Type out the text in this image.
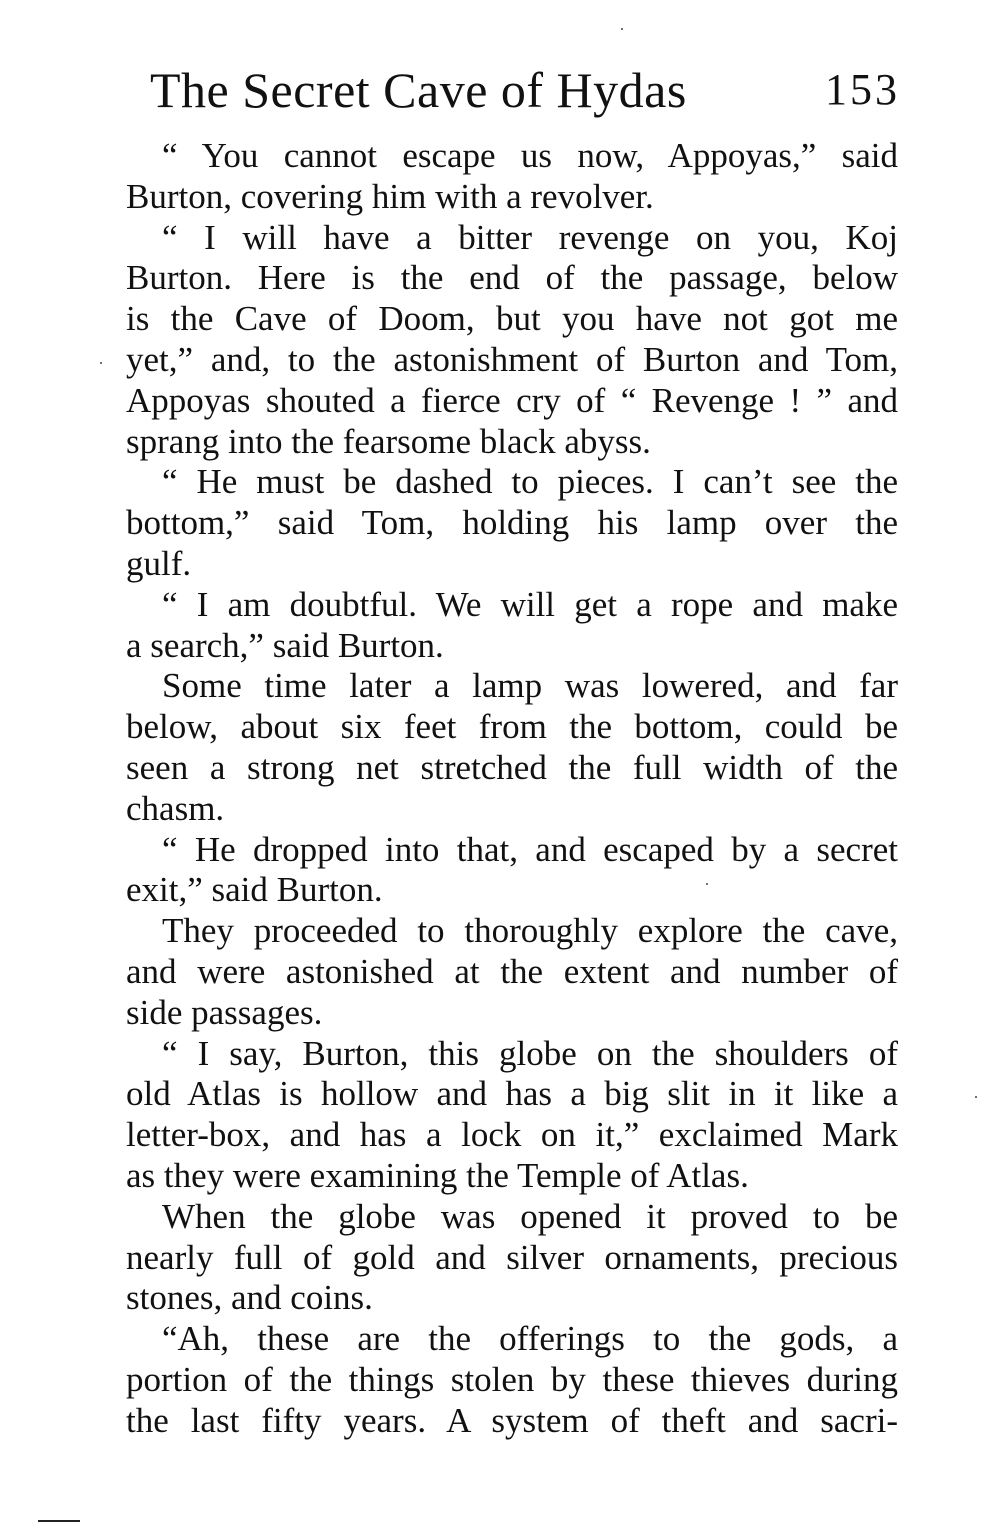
The Secret Cave of Hydas	153
“ You cannot escape us now, Appoyas,” said
Burton, covering him with a revolver.
“ I will have a bitter revenge on you, Koj
Burton. Here is the end of the passage, below
is the Cave of Doom, but you have not got me
yet,” and, to the astonishment of Burton and Tom,
Appoyas shouted a fierce cry of “ Revenge ! ” and
sprang into the fearsome black abyss.
“ He must be dashed to pieces. I can’t see the
bottom,” said Tom, holding his lamp over the
gulf.
“ I am doubtful. We will get a rope and make
a search,” said Burton.
Some time later a lamp was lowered, and far
below, about six feet from the bottom, could be
seen a strong net stretched the full width of the
chasm.
“ He dropped into that, and escaped by a secret
exit,” said Burton.
They proceeded to thoroughly explore the cave,
and were astonished at the extent and number of
side passages.
“ I say, Burton, this globe on the shoulders of
old Atlas is hollow and has a big slit in it like a
letter-box, and has a lock on it,” exclaimed Mark
as they were examining the Temple of Atlas.
When the globe was opened it proved to be
nearly full of gold and silver ornaments, precious
stones, and coins.
“Ah, these are the offerings to the gods, a
portion of the things stolen by these thieves during
the last fifty years. A system of theft and sacri-
